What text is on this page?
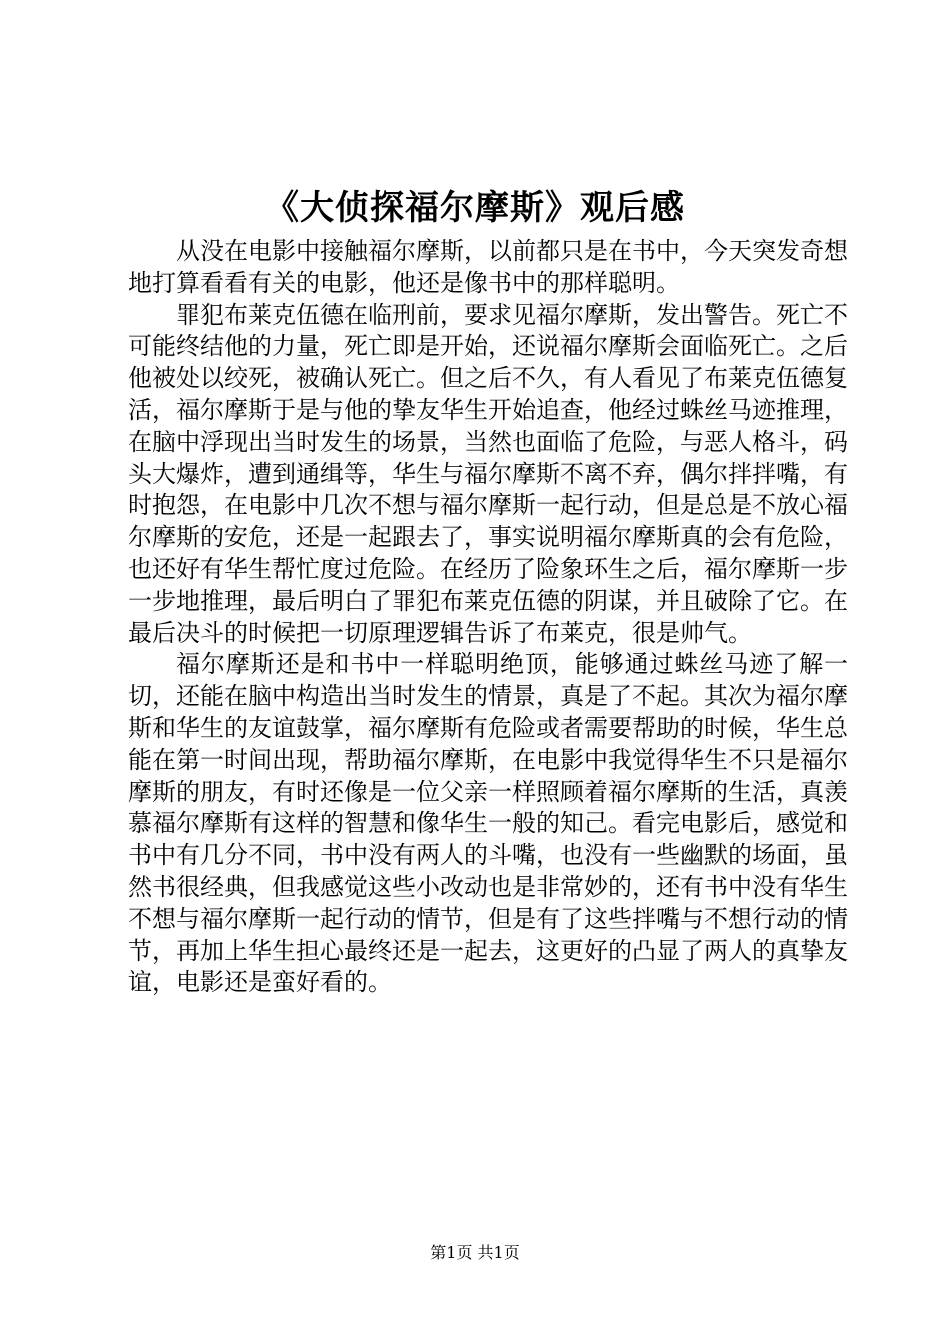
《大侦探福尔摩斯》观后感

从没在电影中接触福尔摩斯，以前都只是在书中，今天突发奇想地打算看看有关的电影，他还是像书中的那样聪明。

罪犯布莱克伍德在临刑前，要求见福尔摩斯，发出警告。死亡不可能终结他的力量，死亡即是开始，还说福尔摩斯会面临死亡。之后他被处以绞死，被确认死亡。但之后不久，有人看见了布莱克伍德复活，福尔摩斯于是与他的挚友华生开始追查，他经过蛛丝马迹推理，在脑中浮现出当时发生的场景，当然也面临了危险，与恶人格斗，码头大爆炸，遭到通缉等，华生与福尔摩斯不离不弃，偶尔拌拌嘴，有时抱怨，在电影中几次不想与福尔摩斯一起行动，但是总是不放心福尔摩斯的安危，还是一起跟去了，事实说明福尔摩斯真的会有危险，也还好有华生帮忙度过危险。在经历了险象环生之后，福尔摩斯一步一步地推理，最后明白了罪犯布莱克伍德的阴谋，并且破除了它。在最后决斗的时候把一切原理逻辑告诉了布莱克，很是帅气。

福尔摩斯还是和书中一样聪明绝顶，能够通过蛛丝马迹了解一切，还能在脑中构造出当时发生的情景，真是了不起。其次为福尔摩斯和华生的友谊鼓掌，福尔摩斯有危险或者需要帮助的时候，华生总能在第一时间出现，帮助福尔摩斯，在电影中我觉得华生不只是福尔摩斯的朋友，有时还像是一位父亲一样照顾着福尔摩斯的生活，真羡慕福尔摩斯有这样的智慧和像华生一般的知己。看完电影后，感觉和书中有几分不同，书中没有两人的斗嘴，也没有一些幽默的场面，虽然书很经典，但我感觉这些小改动也是非常妙的，还有书中没有华生不想与福尔摩斯一起行动的情节，但是有了这些拌嘴与不想行动的情节，再加上华生担心最终还是一起去，这更好的凸显了两人的真挚友谊，电影还是蛮好看的。

第1页 共1页
